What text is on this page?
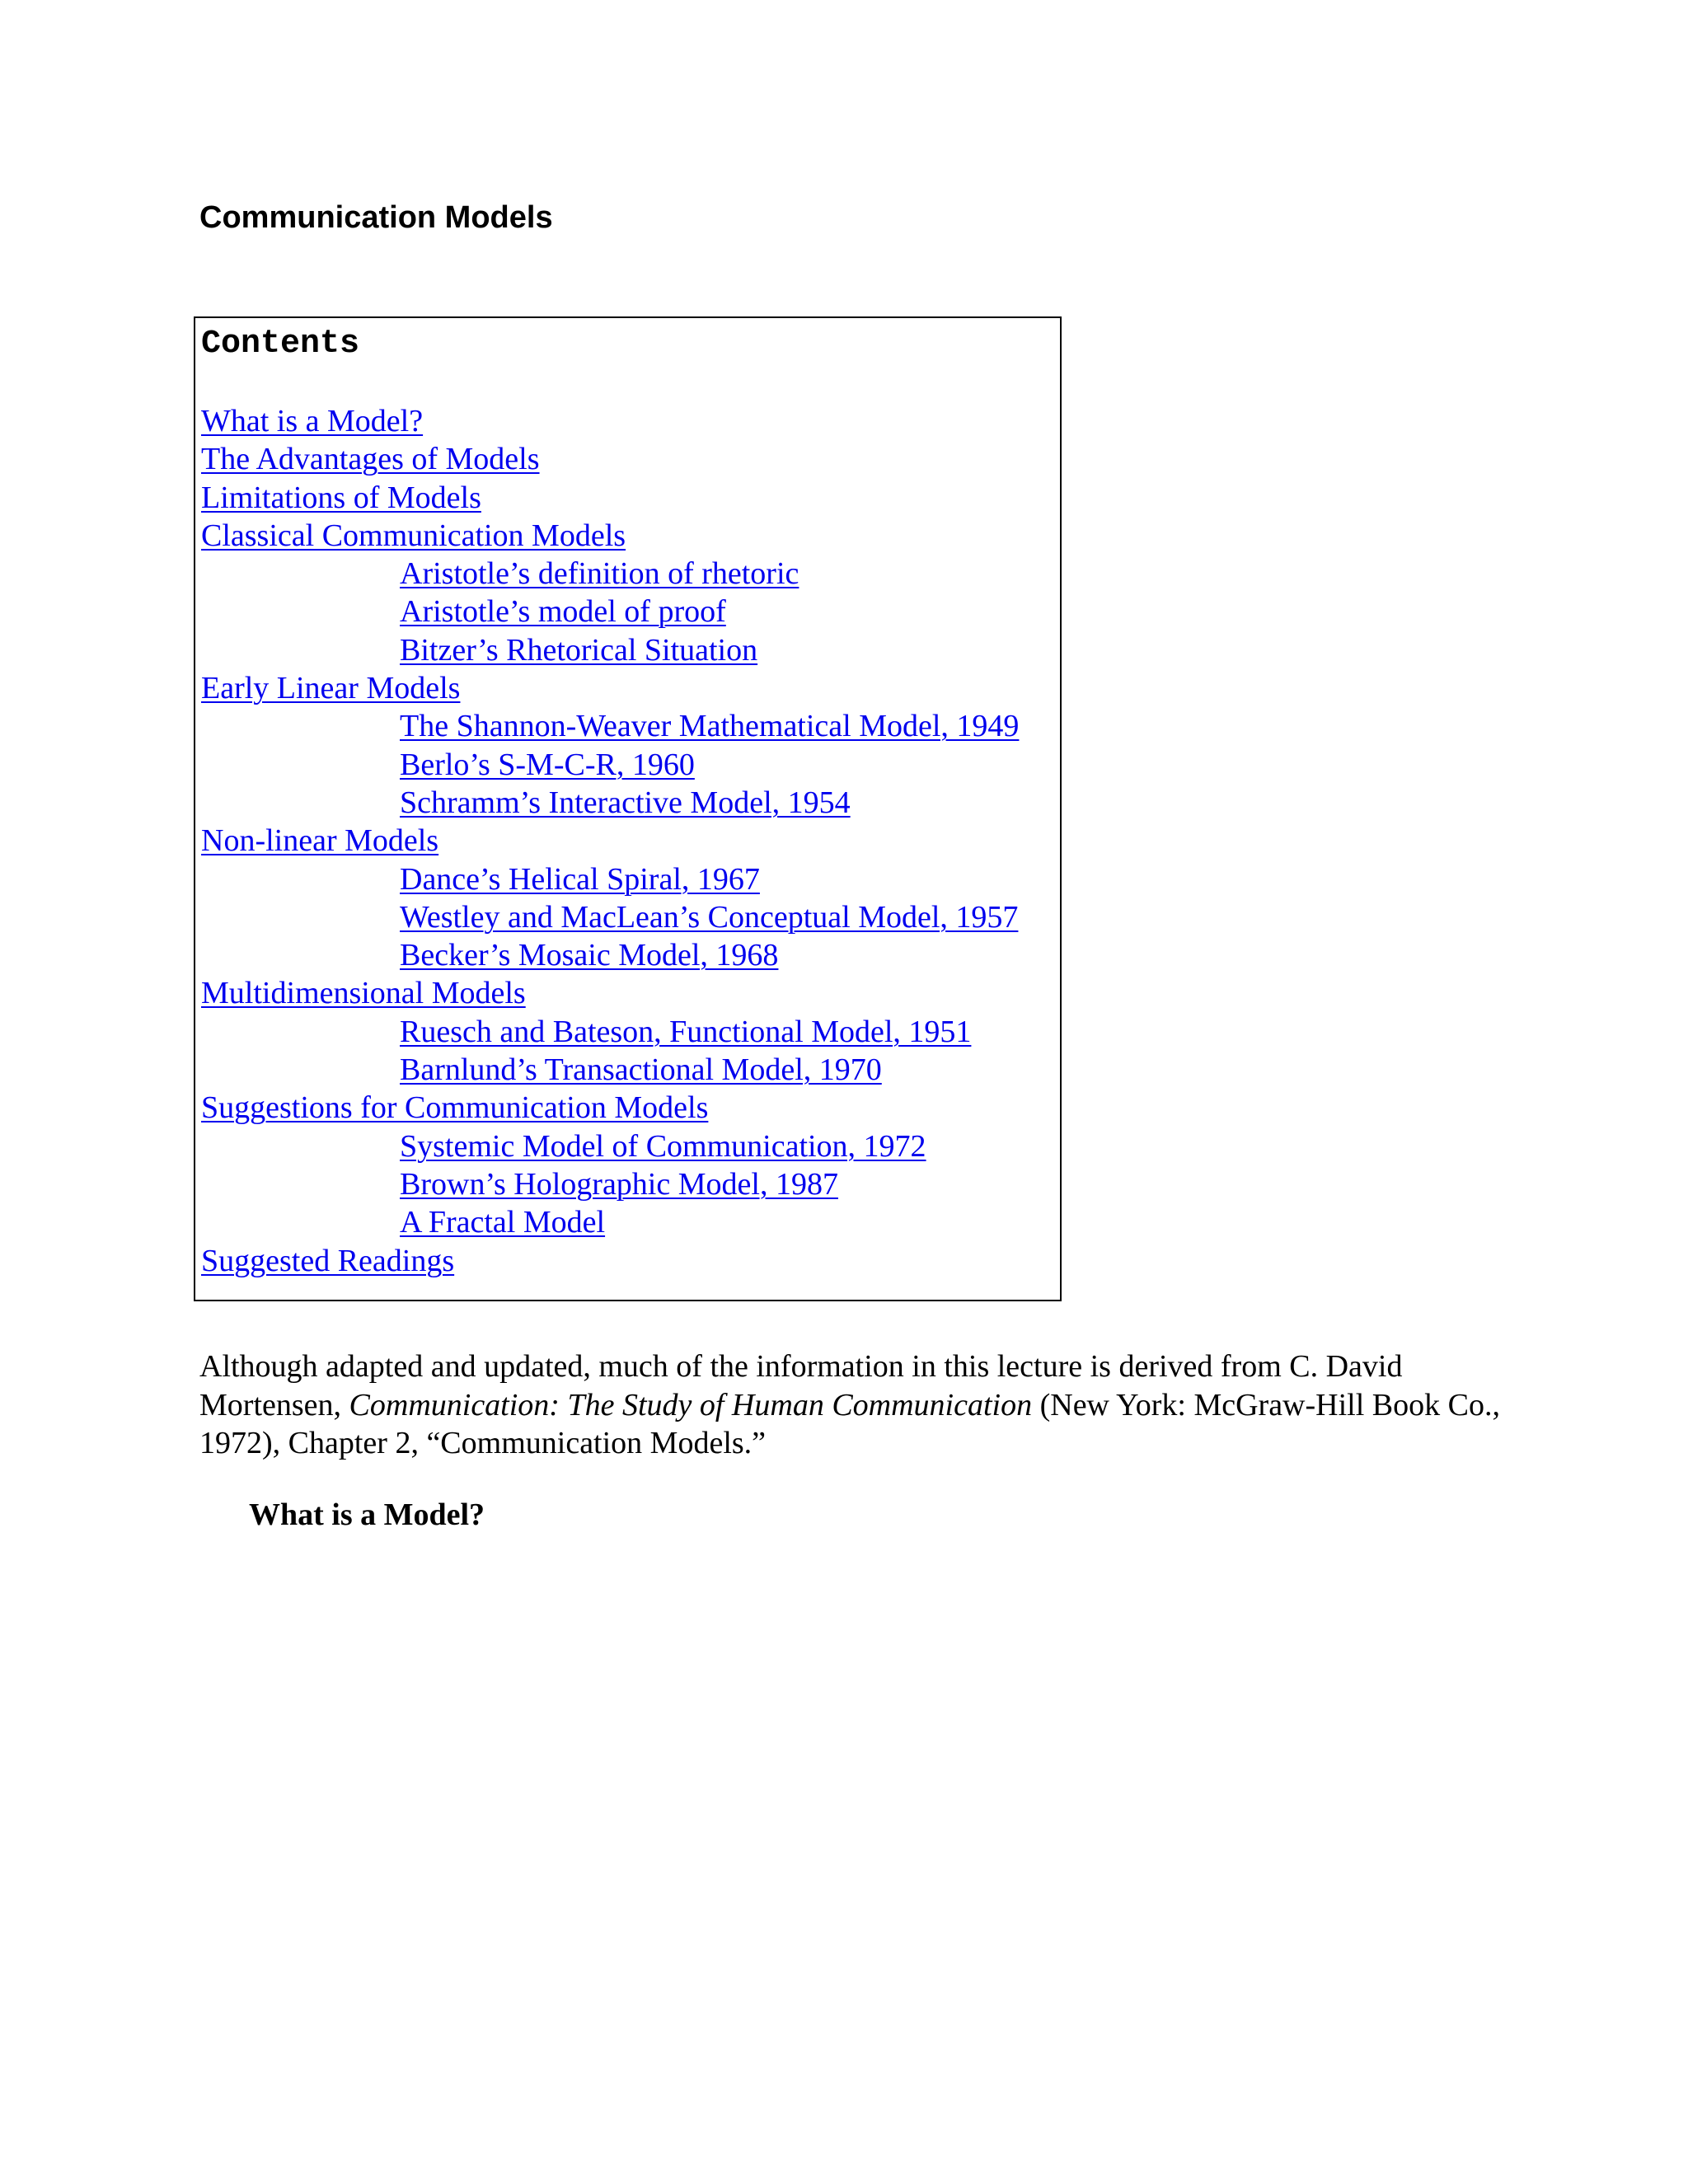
Communication Models
Contents
What is a Model?
The Advantages of Models
Limitations of Models
Classical Communication Models
Aristotle’s definition of rhetoric
Aristotle’s model of proof
Bitzer’s Rhetorical Situation
Early Linear Models
The Shannon-Weaver Mathematical Model, 1949
Berlo’s S-M-C-R, 1960
Schramm’s Interactive Model, 1954
Non-linear Models
Dance’s Helical Spiral, 1967
Westley and MacLean’s Conceptual Model, 1957
Becker’s Mosaic Model, 1968
Multidimensional Models
Ruesch and Bateson, Functional Model, 1951
Barnlund’s Transactional Model, 1970
Suggestions for Communication Models
Systemic Model of Communication, 1972
Brown’s Holographic Model, 1987
A Fractal Model
Suggested Readings

Although adapted and updated, much of the information in this lecture is derived from C. David Mortensen, Communication: The Study of Human Communication (New York: McGraw-Hill Book Co., 1972), Chapter 2, “Communication Models.”

What is a Model?
